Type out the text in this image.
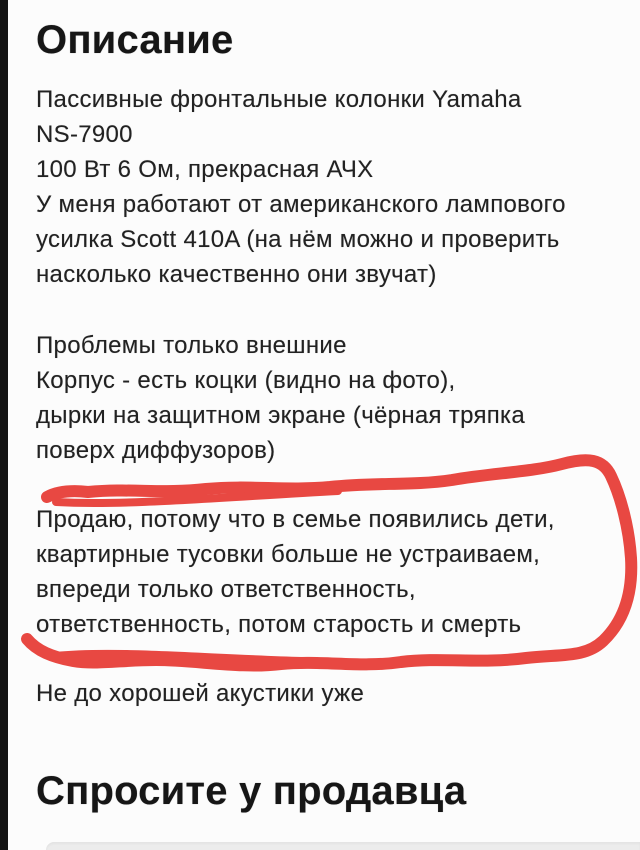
Описание
Пассивные фронтальные колонки Yamaha
NS-7900
100 Вт 6 Ом, прекрасная АЧХ
У меня работают от американского лампового
усилка Scott 410A (на нём можно и проверить
насколько качественно они звучат)
Проблемы только внешние
Корпус - есть коцки (видно на фото),
дырки на защитном экране (чёрная тряпка
поверх диффузоров)
Продаю, потому что в семье появились дети,
квартирные тусовки больше не устраиваем,
впереди только ответственность,
ответственность, потом старость и смерть
Не до хорошей акустики уже
Спросите у продавца
